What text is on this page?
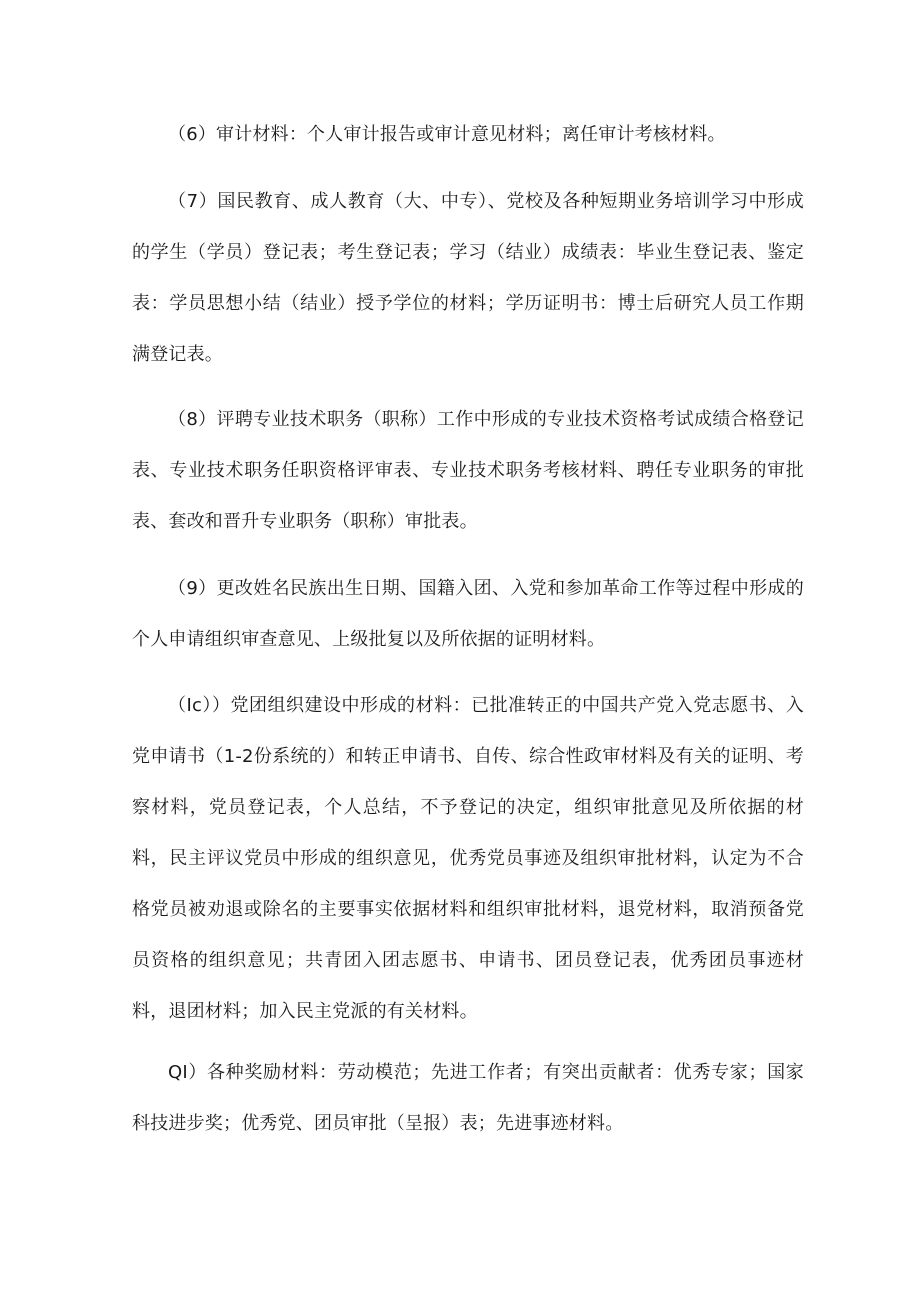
（6）审计材料：个人审计报告或审计意见材料；离任审计考核材料。

（7）国民教育、成人教育（大、中专）、党校及各种短期业务培训学习中形成的学生（学员）登记表；考生登记表；学习（结业）成绩表：毕业生登记表、鉴定表：学员思想小结（结业）授予学位的材料；学历证明书：博士后研究人员工作期满登记表。

（8）评聘专业技术职务（职称）工作中形成的专业技术资格考试成绩合格登记表、专业技术职务任职资格评审表、专业技术职务考核材料、聘任专业职务的审批表、套改和晋升专业职务（职称）审批表。

（9）更改姓名民族出生日期、国籍入团、入党和参加革命工作等过程中形成的个人申请组织审查意见、上级批复以及所依据的证明材料。

（Ic））党团组织建设中形成的材料：已批准转正的中国共产党入党志愿书、入党申请书（1-2份系统的）和转正申请书、自传、综合性政审材料及有关的证明、考察材料，党员登记表，个人总结，不予登记的决定，组织审批意见及所依据的材料，民主评议党员中形成的组织意见，优秀党员事迹及组织审批材料，认定为不合格党员被劝退或除名的主要事实依据材料和组织审批材料，退党材料，取消预备党员资格的组织意见；共青团入团志愿书、申请书、团员登记表，优秀团员事迹材料，退团材料；加入民主党派的有关材料。

QI）各种奖励材料：劳动模范；先进工作者；有突出贡献者：优秀专家；国家科技进步奖；优秀党、团员审批（呈报）表；先进事迹材料。
